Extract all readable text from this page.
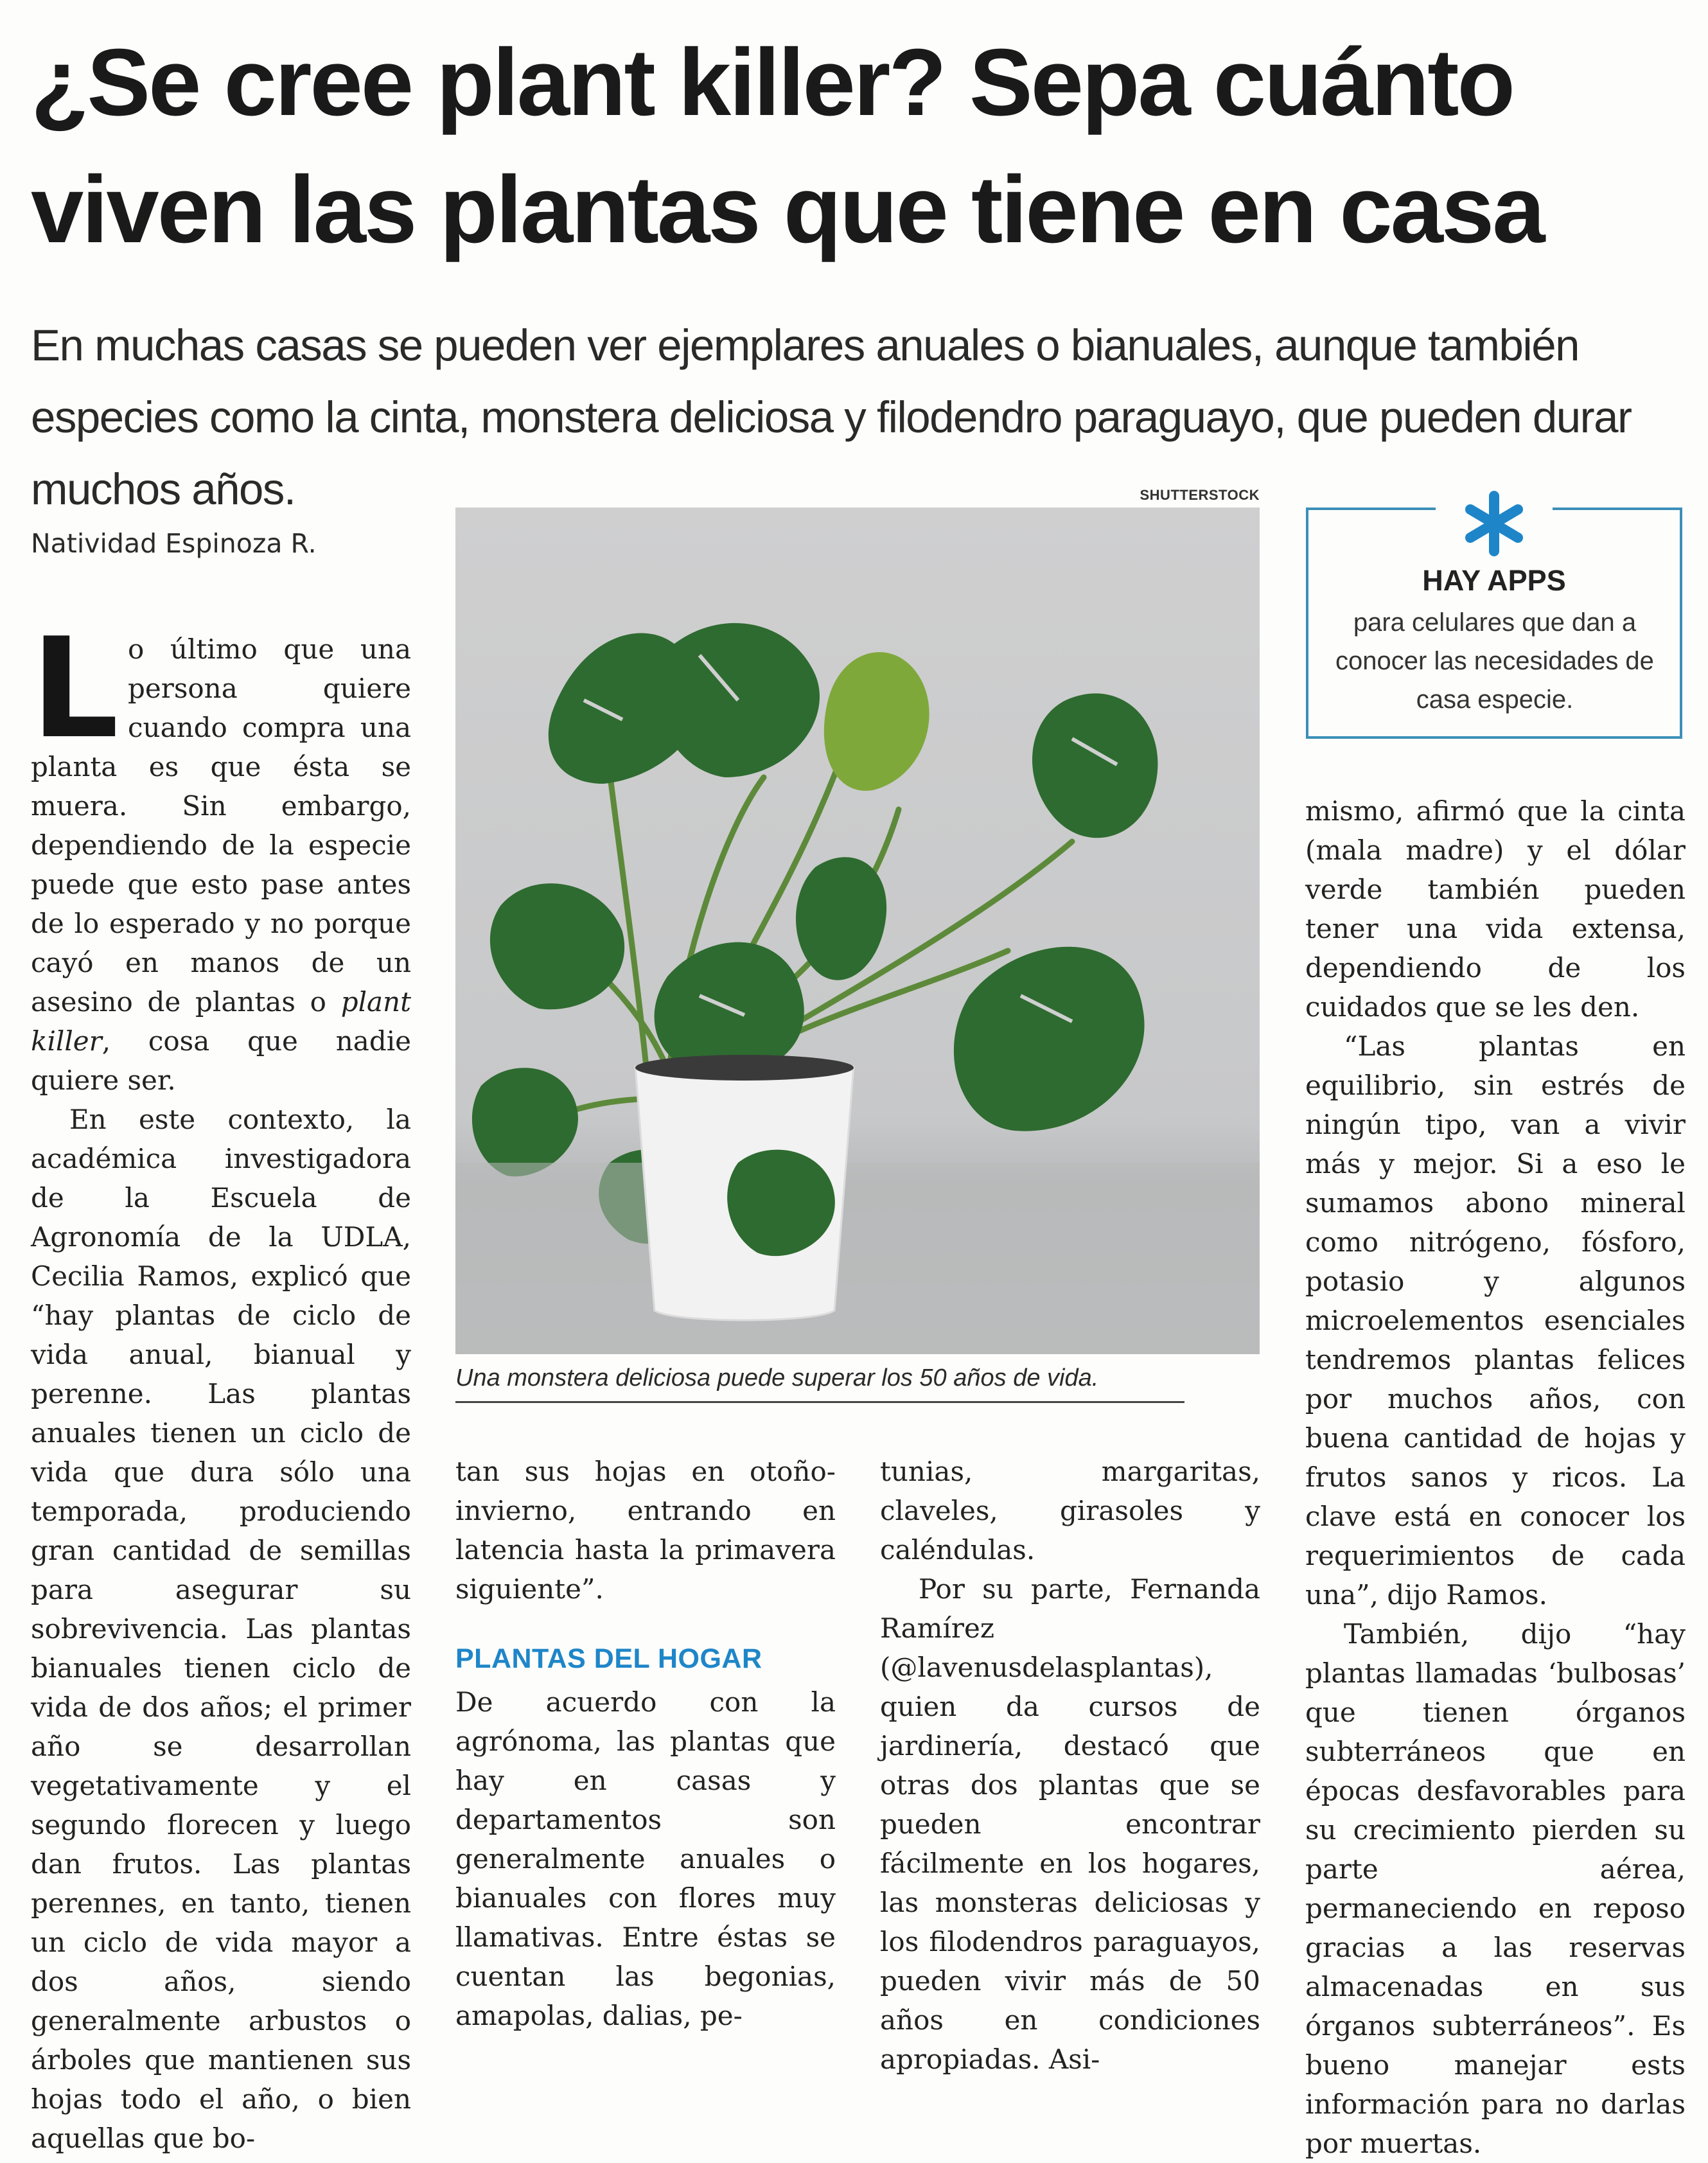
¿Se cree plant killer? Sepa cuánto viven las plantas que tiene en casa

En muchas casas se pueden ver ejemplares anuales o bianuales, aunque también especies como la cinta, monstera deliciosa y filodendro paraguayo, que pueden durar muchos años.

Natividad Espinoza R.

Lo último que una persona quiere cuando compra una planta es que ésta se muera. Sin embargo, dependiendo de la especie puede que esto pase antes de lo esperado y no porque cayó en manos de un asesino de plantas o plant killer, cosa que nadie quiere ser.

En este contexto, la académica investigadora de la Escuela de Agronomía de la UDLA, Cecilia Ramos, explicó que “hay plantas de ciclo de vida anual, bianual y perenne. Las plantas anuales tienen un ciclo de vida que dura sólo una temporada, produciendo gran cantidad de semillas para asegurar su sobrevivencia. Las plantas bianuales tienen ciclo de vida de dos años; el primer año se desarrollan vegetativamente y el segundo florecen y luego dan frutos. Las plantas perennes, en tanto, tienen un ciclo de vida mayor a dos años, siendo generalmente arbustos o árboles que mantienen sus hojas todo el año, o bien aquellas que bo-

SHUTTERSTOCK
Una monstera deliciosa puede superar los 50 años de vida.
HAY APPS
para celulares que dan a conocer las necesidades de casa especie.

tan sus hojas en otoño-invierno, entrando en latencia hasta la primavera siguiente”.

PLANTAS DEL HOGAR

De acuerdo con la agrónoma, las plantas que hay en casas y departamentos son generalmente anuales o bianuales con flores muy llamativas. Entre éstas se cuentan las begonias, amapolas, dalias, pe-

tunias, margaritas, claveles, girasoles y caléndulas.

Por su parte, Fernanda Ramírez (@lavenusdelasplantas), quien da cursos de jardinería, destacó que otras dos plantas que se pueden encontrar fácilmente en los hogares, las monsteras deliciosas y los filodendros paraguayos, pueden vivir más de 50 años en condiciones apropiadas. Asi-

mismo, afirmó que la cinta (mala madre) y el dólar verde también pueden tener una vida extensa, dependiendo de los cuidados que se les den.

“Las plantas en equilibrio, sin estrés de ningún tipo, van a vivir más y mejor. Si a eso le sumamos abono mineral como nitrógeno, fósforo, potasio y algunos microelementos esenciales tendremos plantas felices por muchos años, con buena cantidad de hojas y frutos sanos y ricos. La clave está en conocer los requerimientos de cada una”, dijo Ramos.

También, dijo “hay plantas llamadas ‘bulbosas’ que tienen órganos subterráneos que en épocas desfavorables para su crecimiento pierden su parte aérea, permaneciendo en reposo gracias a las reservas almacenadas en sus órganos subterráneos”. Es bueno manejar ests información para no darlas por muertas.
